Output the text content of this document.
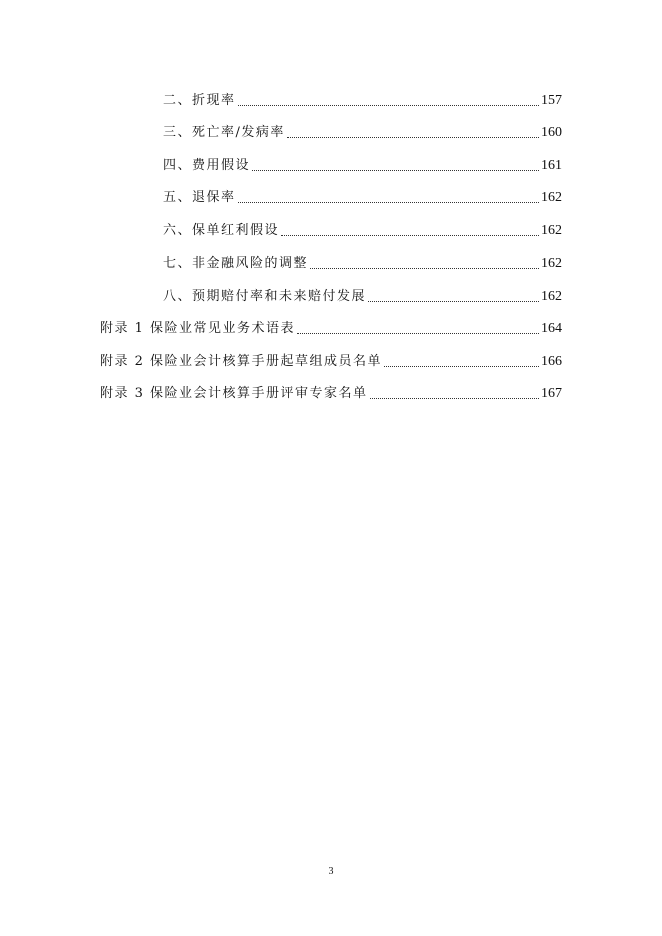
二、折现率	157
三、死亡率/发病率	160
四、费用假设	161
五、退保率	162
六、保单红利假设	162
七、非金融风险的调整	162
八、预期赔付率和未来赔付发展	162
附录 1 保险业常见业务术语表	164
附录 2 保险业会计核算手册起草组成员名单	166
附录 3 保险业会计核算手册评审专家名单	167
3
